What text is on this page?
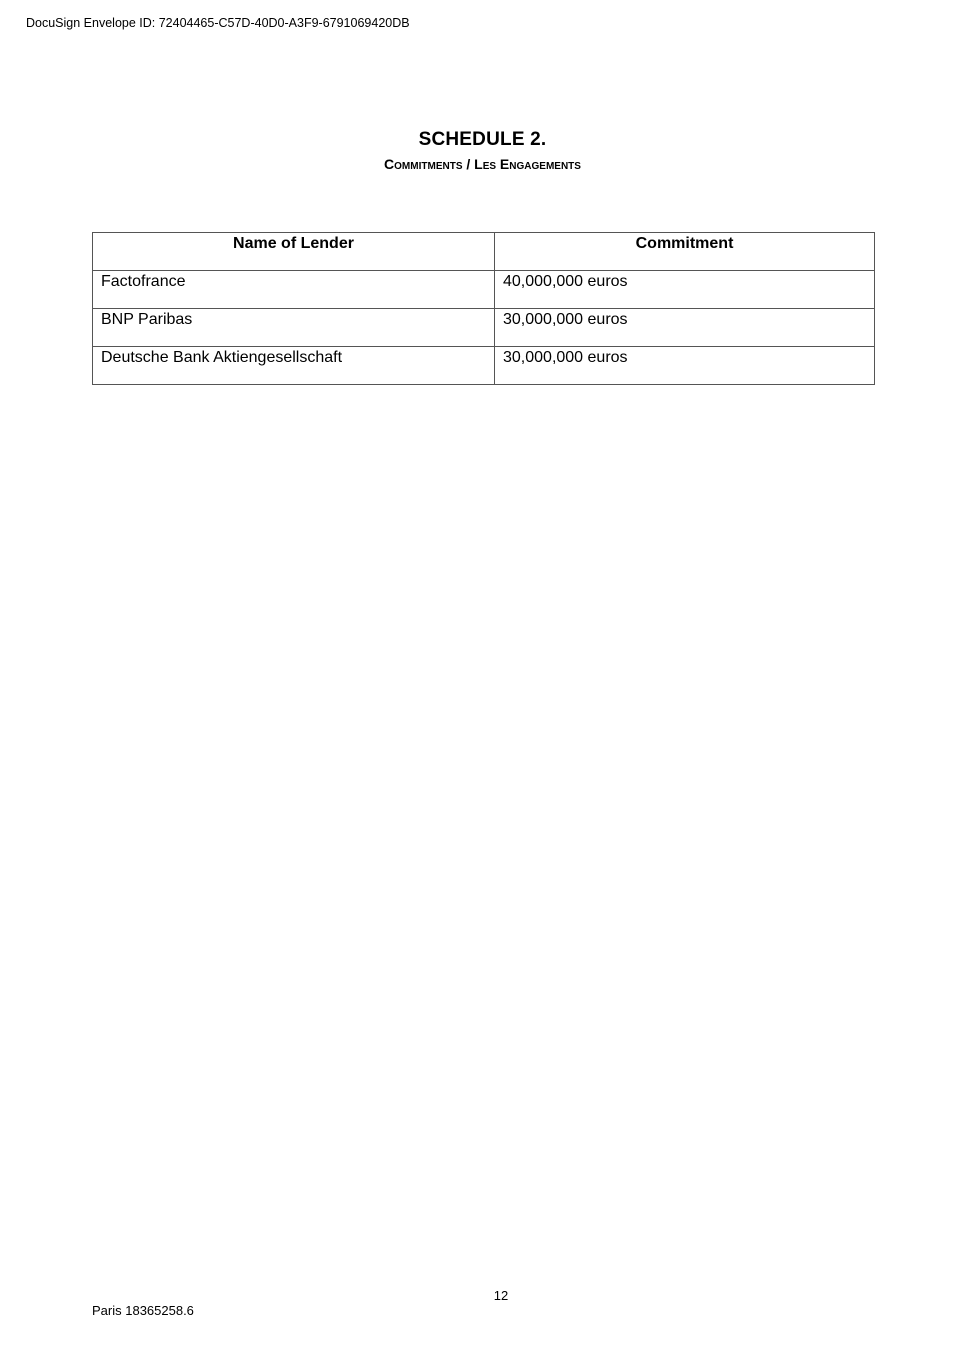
DocuSign Envelope ID: 72404465-C57D-40D0-A3F9-6791069420DB
SCHEDULE 2.
Commitments / Les Engagements
Name of Lender	Commitment
Factofrance	40,000,000 euros
BNP Paribas	30,000,000 euros
Deutsche Bank Aktiengesellschaft	30,000,000 euros
12
Paris 18365258.6
